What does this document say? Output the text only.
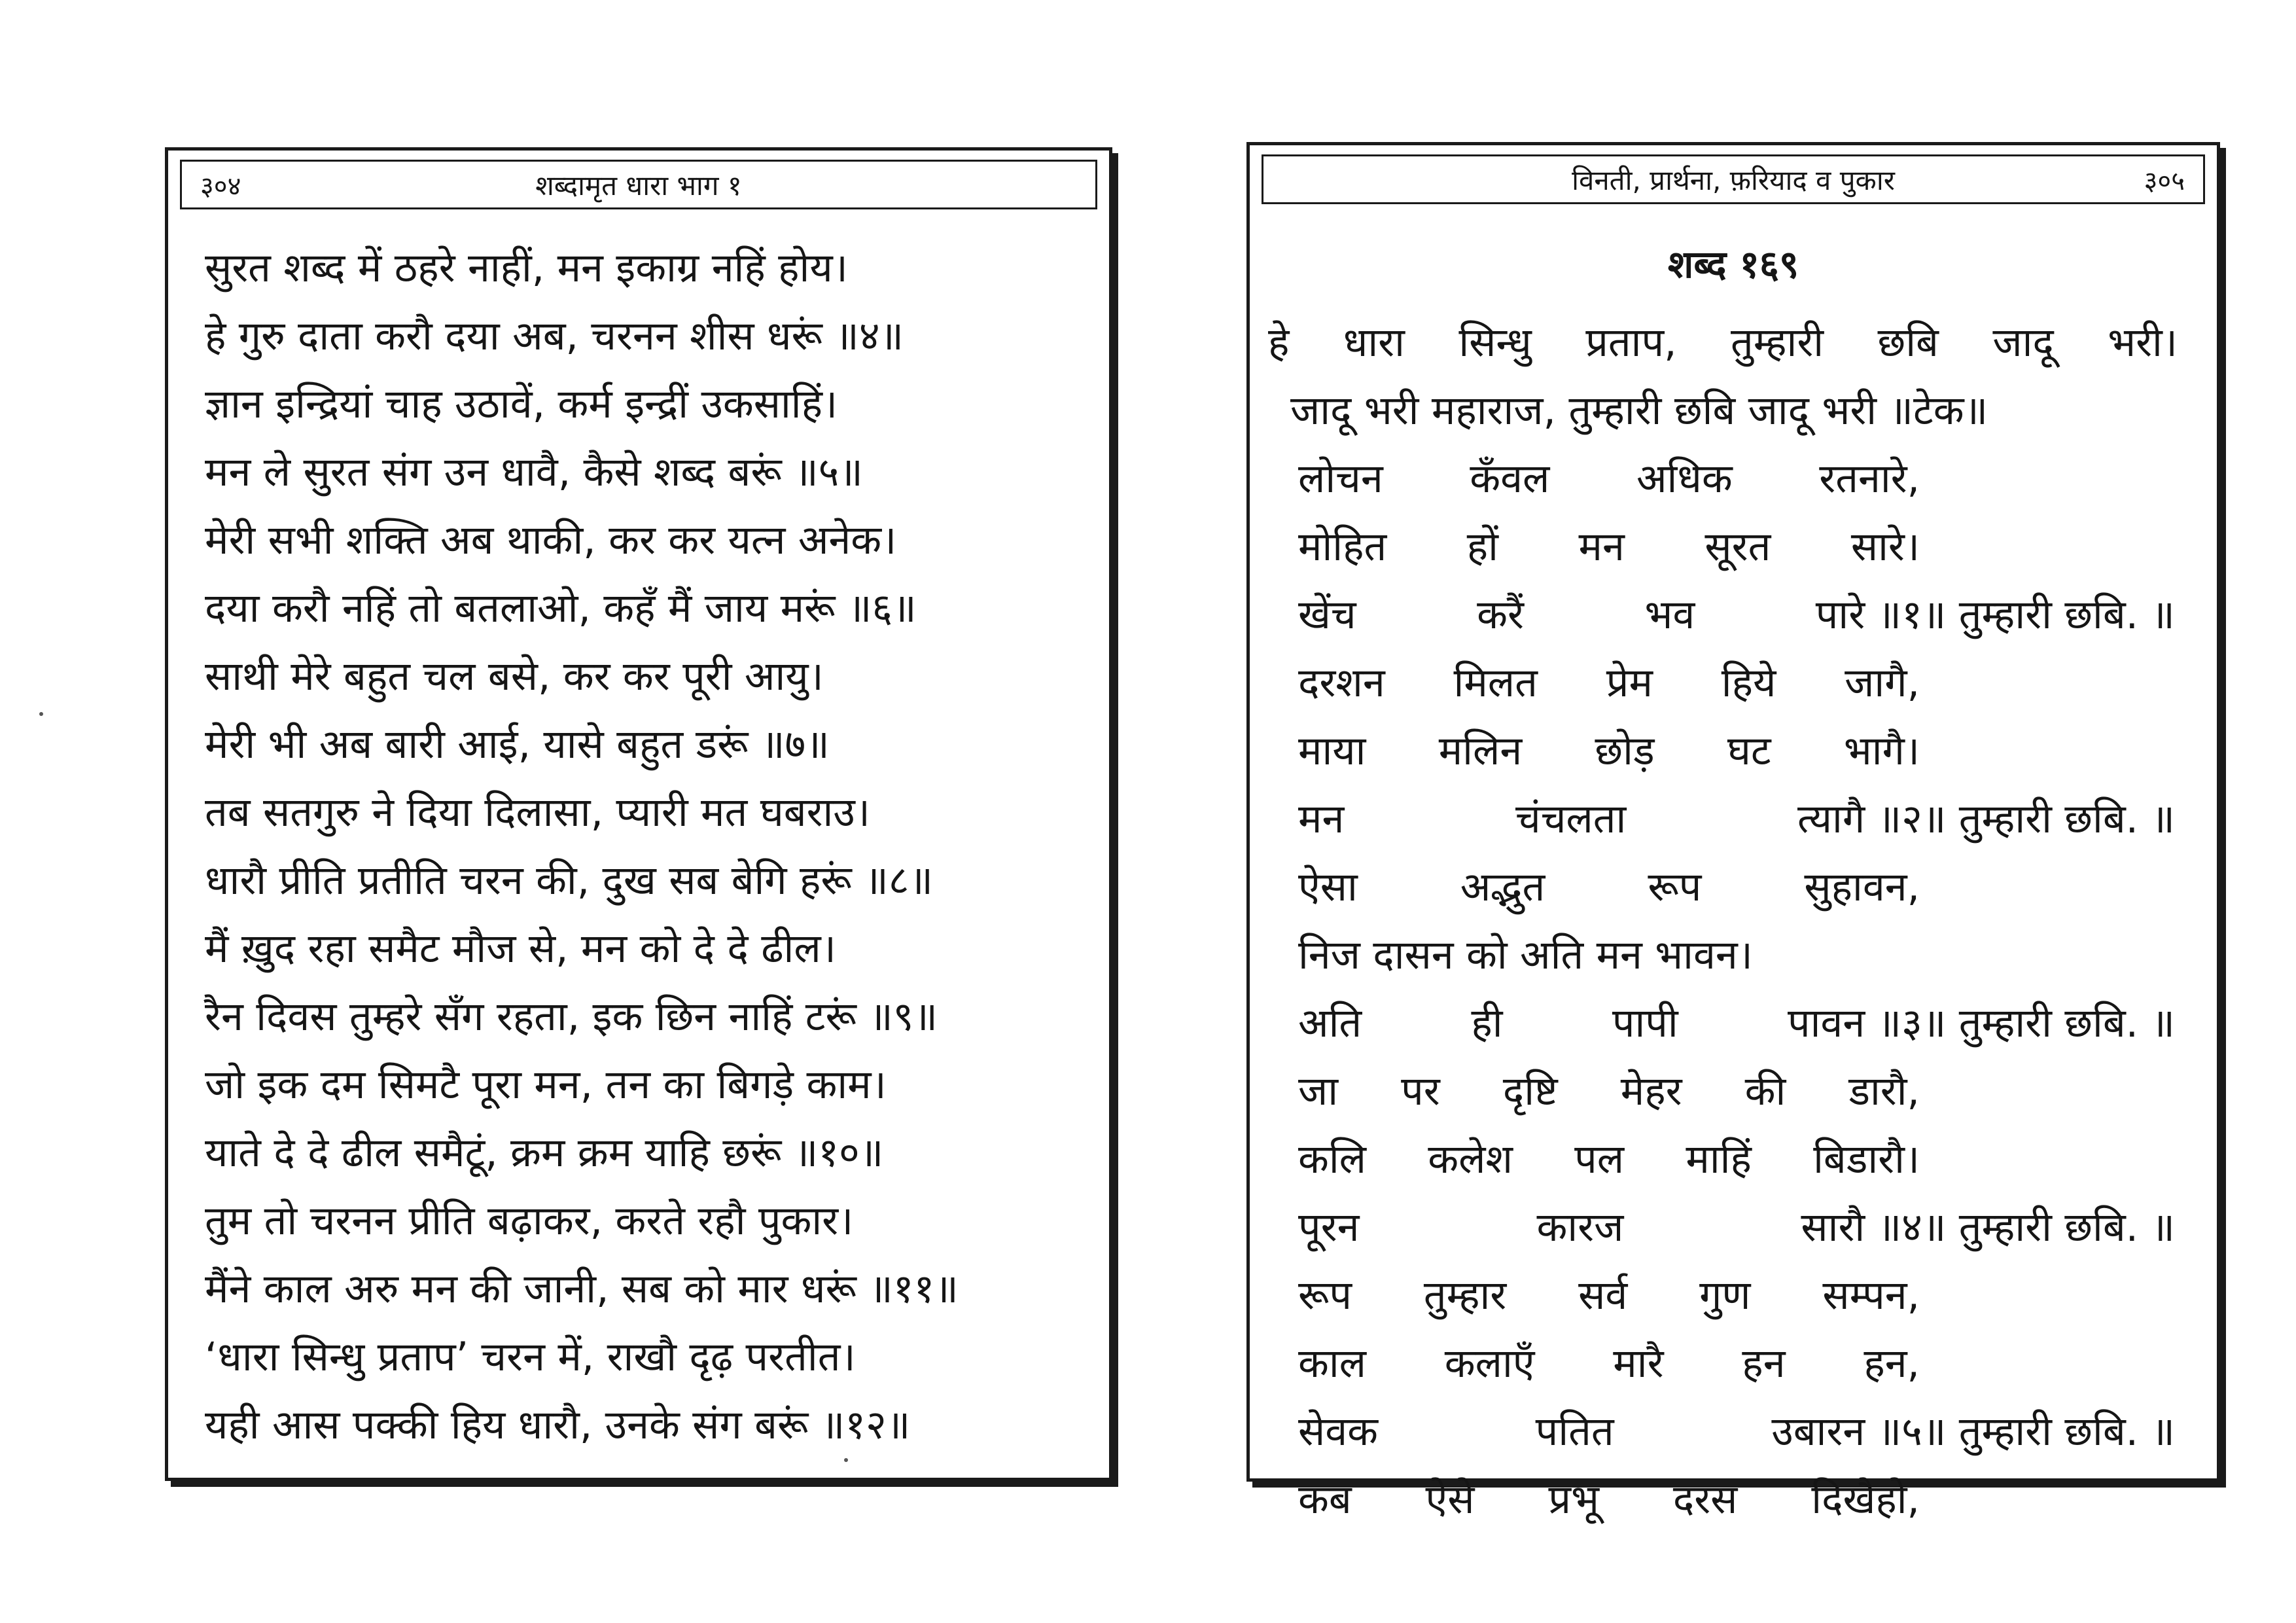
३०४	शब्दामृत धारा भाग १
सुरत शब्द में ठहरे नाहीं, मन इकाग्र नहिं होय।
हे गुरु दाता करौ दया अब, चरनन शीस धरूं ॥४॥
ज्ञान इन्द्रियां चाह उठावें, कर्म इन्द्रीं उकसाहिं।
मन ले सुरत संग उन धावै, कैसे शब्द बरूं ॥५॥
मेरी सभी शक्ति अब थाकी, कर कर यत्न अनेक।
दया करौ नहिं तो बतलाओ, कहँ मैं जाय मरूं ॥६॥
साथी मेरे बहुत चल बसे, कर कर पूरी आयु।
मेरी भी अब बारी आई, यासे बहुत डरूं ॥७॥
तब सतगुरु ने दिया दिलासा, प्यारी मत घबराउ।
धारौ प्रीति प्रतीति चरन की, दुख सब बेगि हरूं ॥८॥
मैं ख़ुद रहा समैट मौज से, मन को दे दे ढील।
रैन दिवस तुम्हरे सँग रहता, इक छिन नाहिं टरूं ॥९॥
जो इक दम सिमटै पूरा मन, तन का बिगड़े काम।
याते दे दे ढील समैटूं, क्रम क्रम याहि छरूं ॥१०॥
तुम तो चरनन प्रीति बढ़ाकर, करते रहौ पुकार।
मैंने काल अरु मन की जानी, सब को मार धरूं ॥११॥
‘धारा सिन्धु प्रताप’ चरन में, राखौ दृढ़ परतीत।
यही आस पक्की हिय धारौ, उनके संग बरूं ॥१२॥
विनती, प्रार्थना, फ़रियाद व पुकार	३०५
शब्द १६९
हे धारा सिन्धु प्रताप, तुम्हारी छबि जादू भरी।
जादू भरी महाराज, तुम्हारी छबि जादू भरी ॥टेक॥
लोचन कँवल अधिक रतनारे,
मोहित हों मन सूरत सारे।
खेंच	करैं	भव	पारे ॥१॥ तुम्हारी छबि. ॥
दरशन मिलत प्रेम हिये जागै,
माया मलिन छोड़ घट भागै।
मन	चंचलता	त्यागै ॥२॥ तुम्हारी छबि. ॥
ऐसा	अद्भुत	रूप	सुहावन,
निज दासन को अति मन भावन।
अति	ही	पापी	पावन ॥३॥ तुम्हारी छबि. ॥
जा पर दृष्टि मेहर की डारौ,
कलि कलेश पल माहिं बिडारौ।
पूरन	कारज	सारौ ॥४॥ तुम्हारी छबि. ॥
रूप तुम्हार सर्व गुण सम्पन,
काल कलाएँ मारै हन हन,
सेवक	पतित	उबारन ॥५॥ तुम्हारी छबि. ॥
कब ऐसे प्रभू दरस दिखैहो,
